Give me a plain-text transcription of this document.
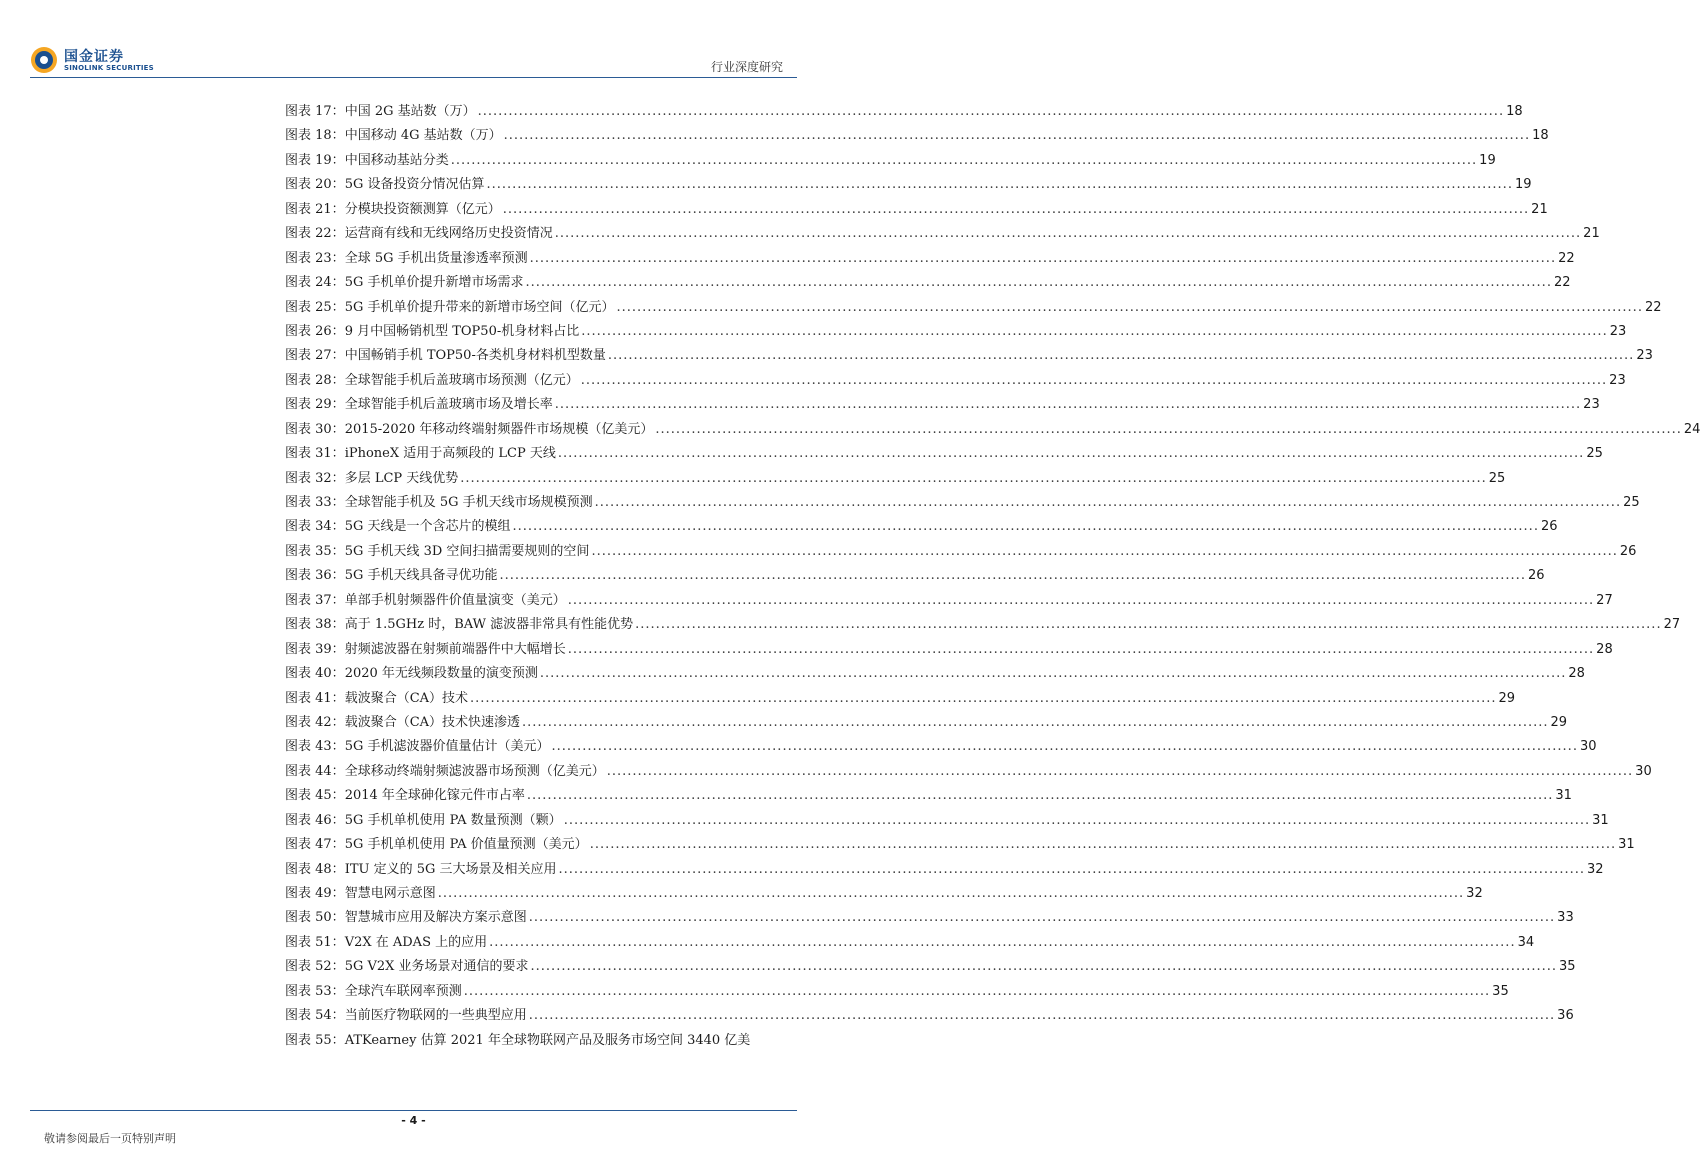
国金证券
SINOLINK SECURITIES	行业深度研究
图表 17： 中国 2G 基站数（万） ........................................................................................................................................................................................................ 18
图表 18： 中国移动 4G 基站数（万） ........................................................................................................................................................................................................ 18
图表 19： 中国移动基站分类 ........................................................................................................................................................................................................ 19
图表 20： 5G 设备投资分情况估算 ........................................................................................................................................................................................................ 19
图表 21： 分模块投资额测算（亿元） ........................................................................................................................................................................................................ 21
图表 22： 运营商有线和无线网络历史投资情况 ........................................................................................................................................................................................................ 21
图表 23： 全球 5G 手机出货量渗透率预测 ........................................................................................................................................................................................................ 22
图表 24： 5G 手机单价提升新增市场需求 ........................................................................................................................................................................................................ 22
图表 25： 5G 手机单价提升带来的新增市场空间（亿元） ........................................................................................................................................................................................................ 22
图表 26： 9 月中国畅销机型 TOP50-机身材料占比 ........................................................................................................................................................................................................ 23
图表 27： 中国畅销手机 TOP50-各类机身材料机型数量 ........................................................................................................................................................................................................ 23
图表 28： 全球智能手机后盖玻璃市场预测（亿元） ........................................................................................................................................................................................................ 23
图表 29： 全球智能手机后盖玻璃市场及增长率 ........................................................................................................................................................................................................ 23
图表 30： 2015-2020 年移动终端射频器件市场规模（亿美元） ........................................................................................................................................................................................................ 24
图表 31： iPhoneX 适用于高频段的 LCP 天线 ........................................................................................................................................................................................................ 25
图表 32： 多层 LCP 天线优势 ........................................................................................................................................................................................................ 25
图表 33： 全球智能手机及 5G 手机天线市场规模预测 ........................................................................................................................................................................................................ 25
图表 34： 5G 天线是一个含芯片的模组 ........................................................................................................................................................................................................ 26
图表 35： 5G 手机天线 3D 空间扫描需要规则的空间 ........................................................................................................................................................................................................ 26
图表 36： 5G 手机天线具备寻优功能 ........................................................................................................................................................................................................ 26
图表 37： 单部手机射频器件价值量演变（美元） ........................................................................................................................................................................................................ 27
图表 38： 高于 1.5GHz 时，BAW 滤波器非常具有性能优势 ........................................................................................................................................................................................................ 27
图表 39： 射频滤波器在射频前端器件中大幅增长 ........................................................................................................................................................................................................ 28
图表 40： 2020 年无线频段数量的演变预测 ........................................................................................................................................................................................................ 28
图表 41： 载波聚合（CA）技术 ........................................................................................................................................................................................................ 29
图表 42： 载波聚合（CA）技术快速渗透 ........................................................................................................................................................................................................ 29
图表 43： 5G 手机滤波器价值量估计（美元） ........................................................................................................................................................................................................ 30
图表 44： 全球移动终端射频滤波器市场预测（亿美元） ........................................................................................................................................................................................................ 30
图表 45： 2014 年全球砷化镓元件市占率 ........................................................................................................................................................................................................ 31
图表 46： 5G 手机单机使用 PA 数量预测（颗） ........................................................................................................................................................................................................ 31
图表 47： 5G 手机单机使用 PA 价值量预测（美元） ........................................................................................................................................................................................................ 31
图表 48： ITU 定义的 5G 三大场景及相关应用 ........................................................................................................................................................................................................ 32
图表 49： 智慧电网示意图 ........................................................................................................................................................................................................ 32
图表 50： 智慧城市应用及解决方案示意图 ........................................................................................................................................................................................................ 33
图表 51： V2X 在 ADAS 上的应用 ........................................................................................................................................................................................................ 34
图表 52： 5G V2X 业务场景对通信的要求 ........................................................................................................................................................................................................ 35
图表 53： 全球汽车联网率预测 ........................................................................................................................................................................................................ 35
图表 54： 当前医疗物联网的一些典型应用 ........................................................................................................................................................................................................ 36
图表 55： ATKearney 估算 2021 年全球物联网产品及服务市场空间 3440 亿美
- 4 -
敬请参阅最后一页特别声明
